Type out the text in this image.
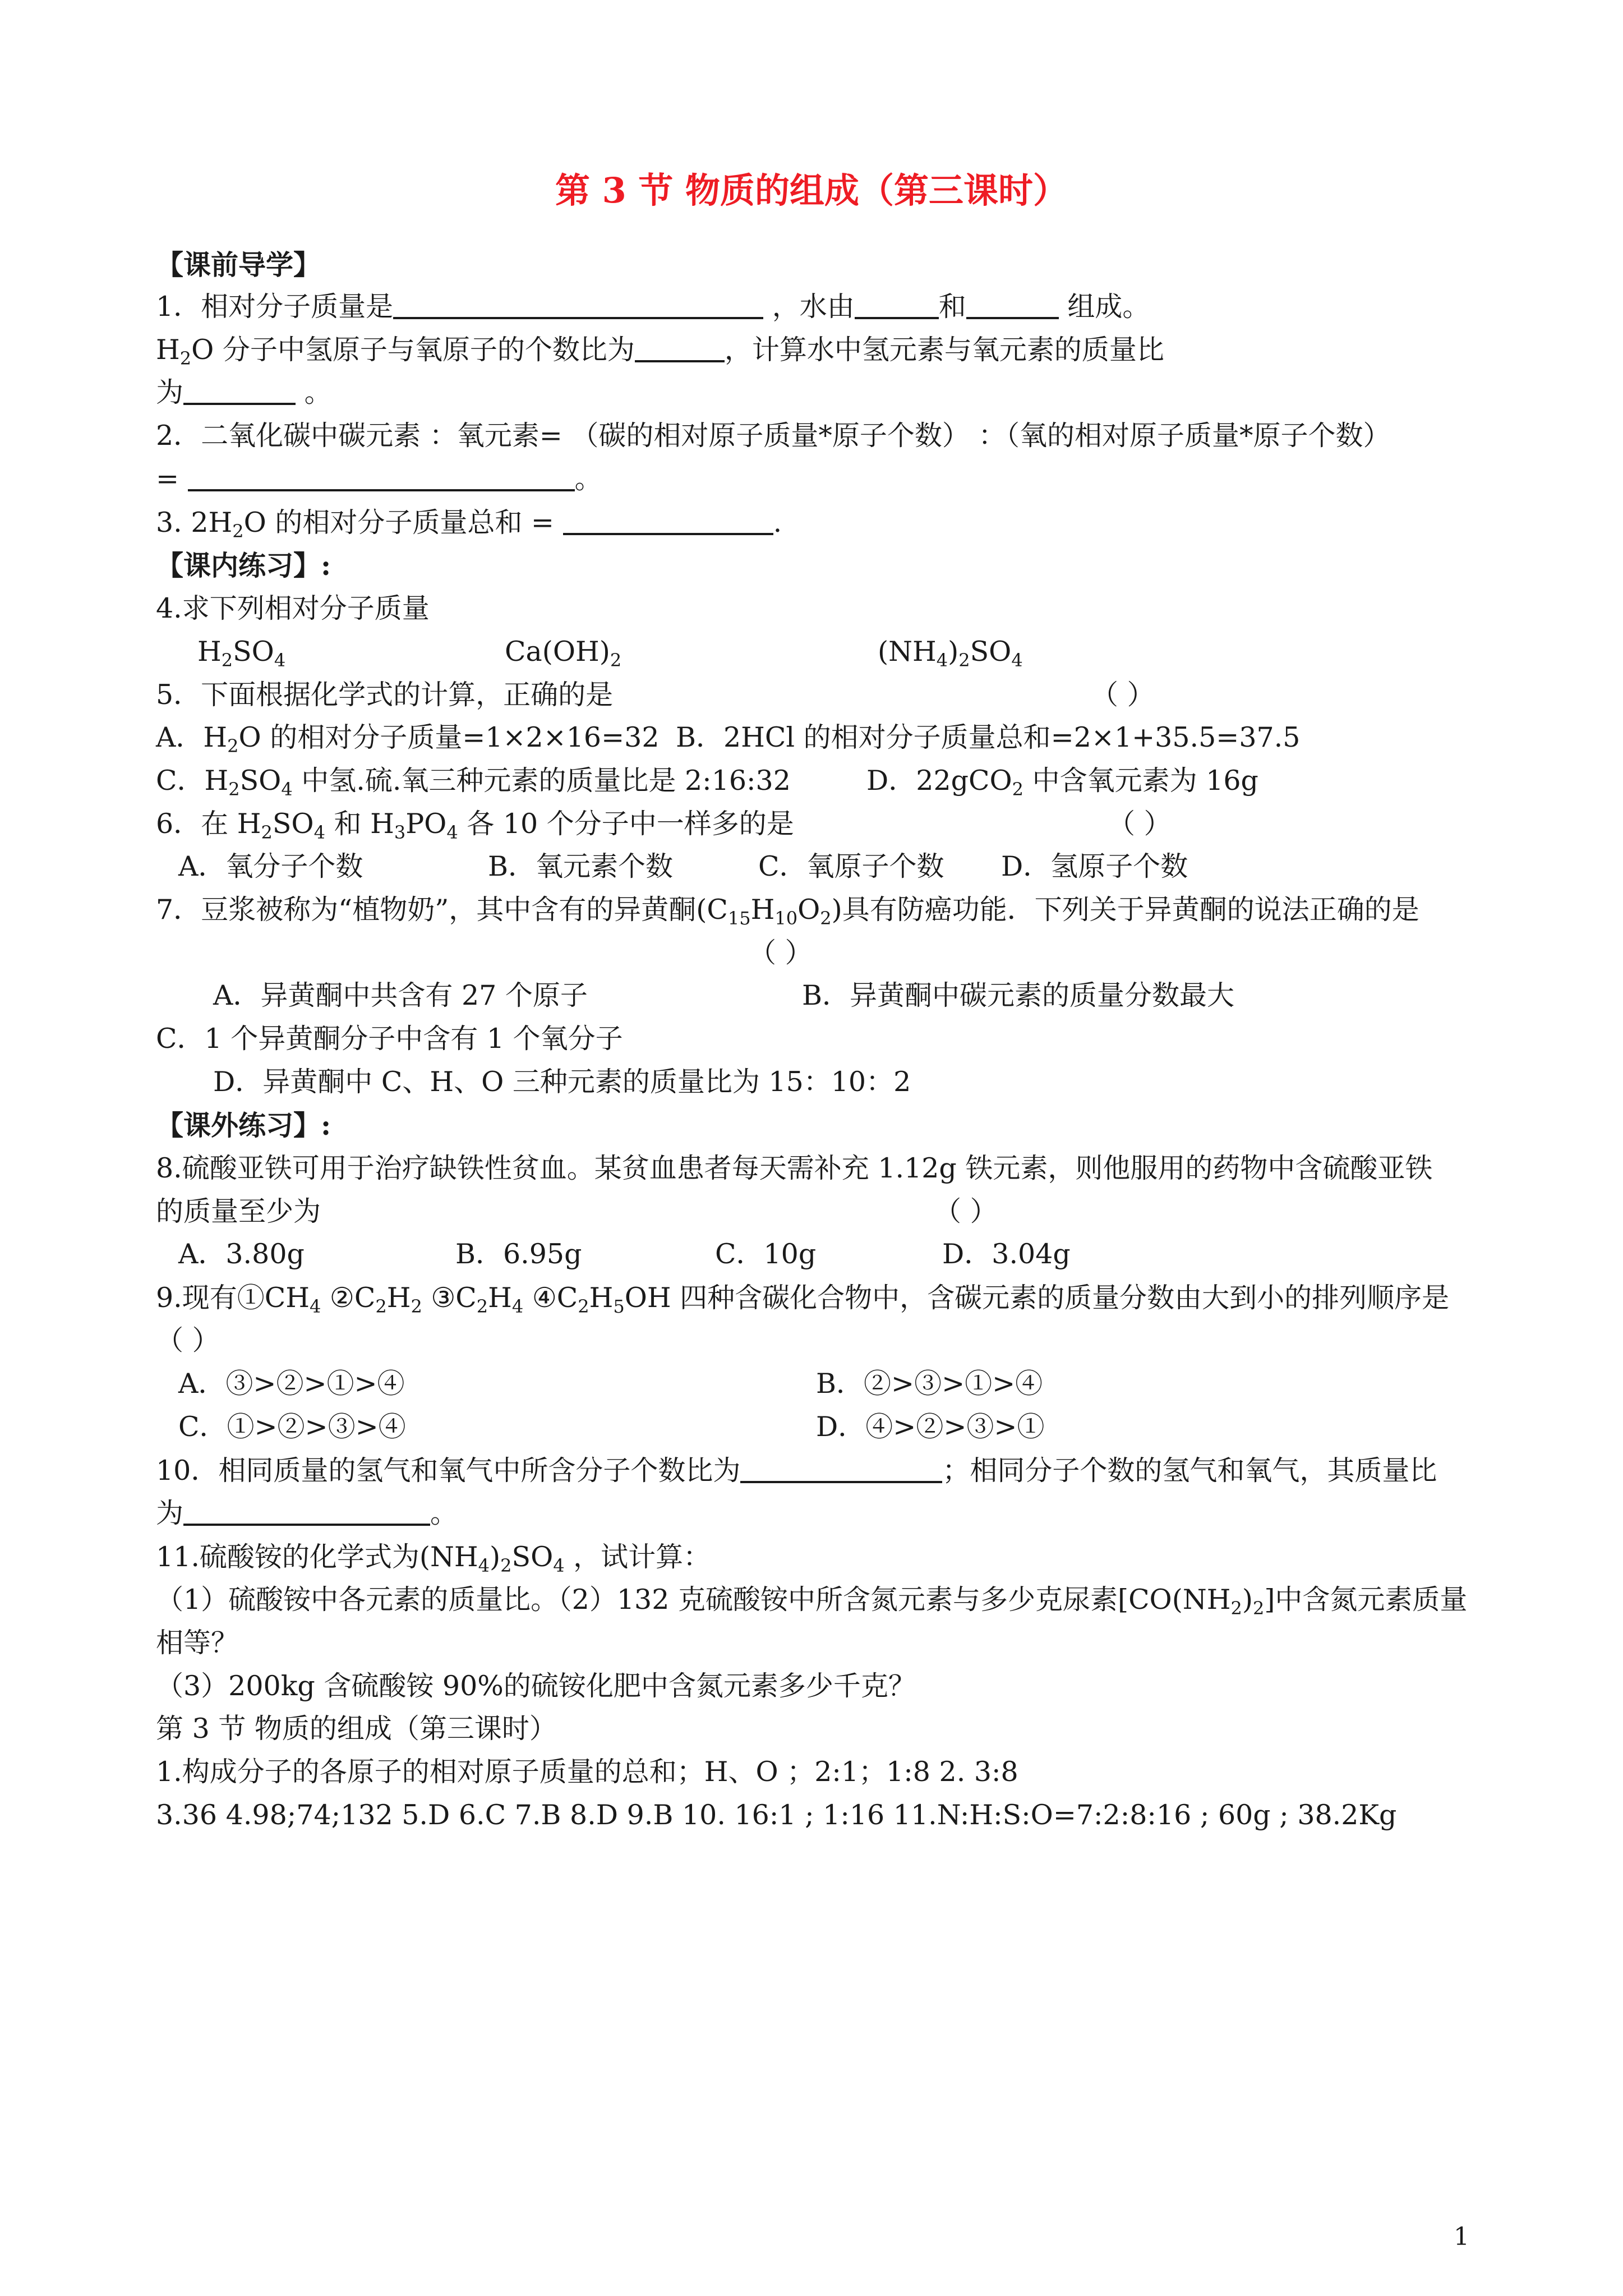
第 3 节 物质的组成（第三课时）
【课前导学】
1．相对分子质量是	，水由	和	组成。
$H_2O$ 分子中氢原子与氧原子的个数比为	，计算水中氢元素与氧元素的质量比
为	。
2．二氧化碳中碳元素 ：氧元素= （碳的相对原子质量*原子个数） ：（氧的相对原子质量*原子个数）
=	。
3. $2H_2O$ 的相对分子质量总和 =	.
【课内练习】:
4.求下列相对分子质量
$H_2SO_4$	$Ca(OH)_2$	$(NH_4)_2SO_4$
5．下面根据化学式的计算，正确的是	（ ）
A．$H_2O$ 的相对分子质量=1×2×16=32 B．2HCl 的相对分子质量总和=2×1+35.5=37.5
C．$H_2SO_4$ 中氢.硫.氧三种元素的质量比是 2:16:32	D．22gCO$_2$ 中含氧元素为 16g
6．在 $H_2SO_4$ 和 $H_3PO_4$ 各 10 个分子中一样多的是	（ ）
A．氧分子个数	B．氧元素个数	C．氧原子个数 D．氢原子个数
7．豆浆被称为“植物奶”，其中含有的异黄酮$(C_{15}H_{10}O_2)$具有防癌功能．下列关于异黄酮的说法正确的是
（ ）
A．异黄酮中共含有 27 个原子	B．异黄酮中碳元素的质量分数最大
C．1 个异黄酮分子中含有 1 个氧分子
D．异黄酮中 C、H、O 三种元素的质量比为 15：10：2
【课外练习】:
8.硫酸亚铁可用于治疗缺铁性贫血。某贫血患者每天需补充 1.12g 铁元素，则他服用的药物中含硫酸亚铁
的质量至少为	（ ）
A．3.80g	B．6.95g	C．10g	D．3.04g
9.现有$①CH_4$ $②C_2H_2$ $③C_2H_4$ $④C_2H_5OH$ 四种含碳化合物中，含碳元素的质量分数由大到小的排列顺序是
（ ）
A．③>②>①>④	B．②>③>①>④
C．①>②>③>④	D．④>②>③>①
10．相同质量的氢气和氧气中所含分子个数比为	；相同分子个数的氢气和氧气，其质量比
为	。
11.硫酸铵的化学式为$(NH_4)_2SO_4$ ，试计算：
（1）硫酸铵中各元素的质量比。（2）132 克硫酸铵中所含氮元素与多少克尿素$[CO(NH_2)_2]$中含氮元素质量
相等？
（3）200kg 含硫酸铵 90%的硫铵化肥中含氮元素多少千克？
第 3 节 物质的组成（第三课时）
1.构成分子的各原子的相对原子质量的总和；H、O ；2:1；1:8 2. 3:8
3.36 4.98;74;132 5.D 6.C 7.B 8.D 9.B 10. 16:1 ; 1:16 11.N:H:S:O=7:2:8:16 ; 60g ; 38.2Kg
1
